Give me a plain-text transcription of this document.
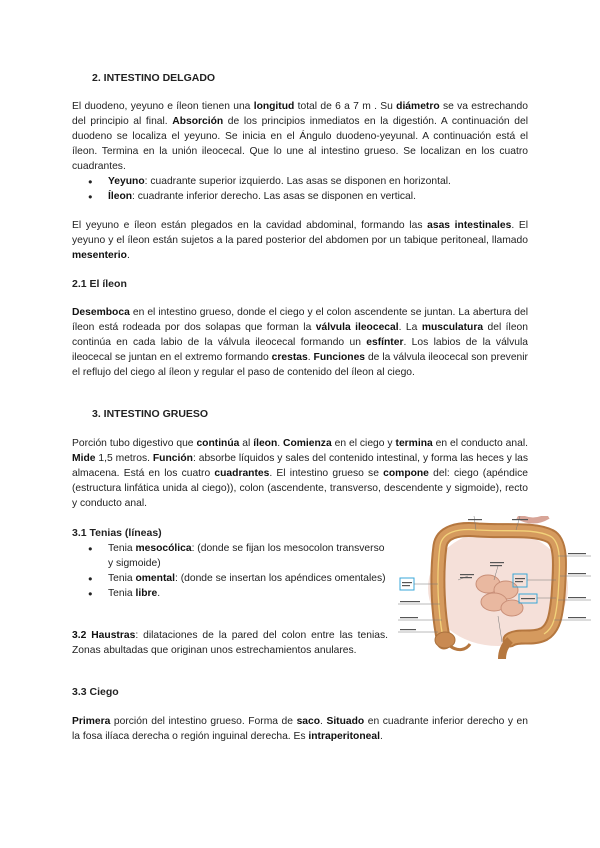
2. INTESTINO DELGADO

El duodeno, yeyuno e íleon tienen una longitud total de 6 a 7 m . Su diámetro se va estrechando del principio al final. Absorción de los principios inmediatos en la digestión. A continuación del duodeno se localiza el yeyuno. Se inicia en el Ángulo duodeno-yeyunal. A continuación está el íleon. Termina en la unión ileocecal. Que lo une al intestino grueso. Se localizan en los cuatro cuadrantes.

● Yeyuno: cuadrante superior izquierdo. Las asas se disponen en horizontal.
● Íleon: cuadrante inferior derecho. Las asas se disponen en vertical.

El yeyuno e íleon están plegados en la cavidad abdominal, formando las asas intestinales. El yeyuno y el íleon están sujetos a la pared posterior del abdomen por un tabique peritoneal, llamado mesenterio.

2.1 El íleon

Desemboca en el intestino grueso, donde el ciego y el colon ascendente se juntan. La abertura del íleon está rodeada por dos solapas que forman la válvula ileocecal. La musculatura del íleon continúa en cada labio de la válvula ileocecal formando un esfínter. Los labios de la válvula ileocecal se juntan en el extremo formando crestas. Funciones de la válvula ileocecal son prevenir el reflujo del ciego al íleon y regular el paso de contenido del íleon al ciego.

3. INTESTINO GRUESO

Porción tubo digestivo que continúa al íleon. Comienza en el ciego y termina en el conducto anal. Mide 1,5 metros. Función: absorbe líquidos y sales del contenido intestinal, y forma las heces y las almacena. Está en los cuatro cuadrantes. El intestino grueso se compone del: ciego (apéndice (estructura linfática unida al ciego)), colon (ascendente, transverso, descendente y sigmoide), recto y conducto anal.

3.1 Tenias (líneas)
● Tenia mesocólica: (donde se fijan los mesocolon transverso y sigmoide)
● Tenia omental: (donde se insertan los apéndices omentales)
● Tenia libre.

3.2 Haustras: dilataciones de la pared del colon entre las tenias. Zonas abultadas que originan unos estrechamientos anulares.

3.3 Ciego

Primera porción del intestino grueso. Forma de saco. Situado en cuadrante inferior derecho y en la fosa ilíaca derecha o región inguinal derecha. Es intraperitoneal.
